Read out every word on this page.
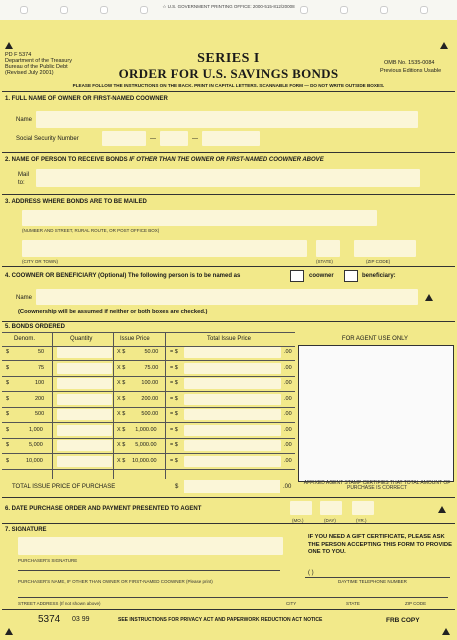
☆ U.S. GOVERNMENT PRINTING OFFICE: 2000-515-812/20008
PD F 5374
Department of the Treasury
Bureau of the Public Debt
(Revised July 2001)
SERIES I
ORDER FOR U.S. SAVINGS BONDS
OMB No. 1535-0084
Previous Editions Usable
PLEASE FOLLOW THE INSTRUCTIONS ON THE BACK. PRINT IN CAPITAL LETTERS. SCANNABLE FORM — DO NOT WRITE OUTSIDE BOXES.
1. FULL NAME OF OWNER OR FIRST-NAMED COOWNER
Name
Social Security Number	—	—
2. NAME OF PERSON TO RECEIVE BONDS IF OTHER THAN THE OWNER OR FIRST-NAMED COOWNER ABOVE
Mail
to:
3. ADDRESS WHERE BONDS ARE TO BE MAILED
(NUMBER AND STREET, RURAL ROUTE, OR POST OFFICE BOX)
(CITY OR TOWN)	(STATE)	(ZIP CODE)
4. COOWNER OR BENEFICIARY (Optional) The following person is to be named as	coowner	beneficiary:
Name
(Coownership will be assumed if neither or both boxes are checked.)
5. BONDS ORDERED
Denom.	Quantity	Issue Price	Total Issue Price
$	50	X $	50.00 = $	.00
$	75	X $	75.00 = $	.00
$	100	X $	100.00 = $	.00
$	200	X $	200.00 = $	.00
$	500	X $	500.00 = $	.00
$	1,000	X $ 1,000.00 = $	.00
$	5,000	X $ 5,000.00 = $	.00
$	10,000	X $ 10,000.00 = $	.00
FOR AGENT USE ONLY
TOTAL ISSUE PRICE OF PURCHASE	$	.00
AFFIXED AGENT STAMP CERTIFIES THAT TOTAL AMOUNT OF PURCHASE IS CORRECT
6. DATE PURCHASE ORDER AND PAYMENT PRESENTED TO AGENT
(MO.)	(DAY)	(YR.)
7. SIGNATURE
PURCHASER'S SIGNATURE
IF YOU NEED A GIFT CERTIFICATE, PLEASE ASK THE PERSON ACCEPTING THIS FORM TO PROVIDE ONE TO YOU.
PURCHASER'S NAME, IF OTHER THAN OWNER OR FIRST-NAMED COOWNER (Please print)
( )
DAYTIME TELEPHONE NUMBER
STREET ADDRESS (If not shown above)	CITY	STATE	ZIP CODE
5374 03 99	SEE INSTRUCTIONS FOR PRIVACY ACT AND PAPERWORK REDUCTION ACT NOTICE	FRB COPY
